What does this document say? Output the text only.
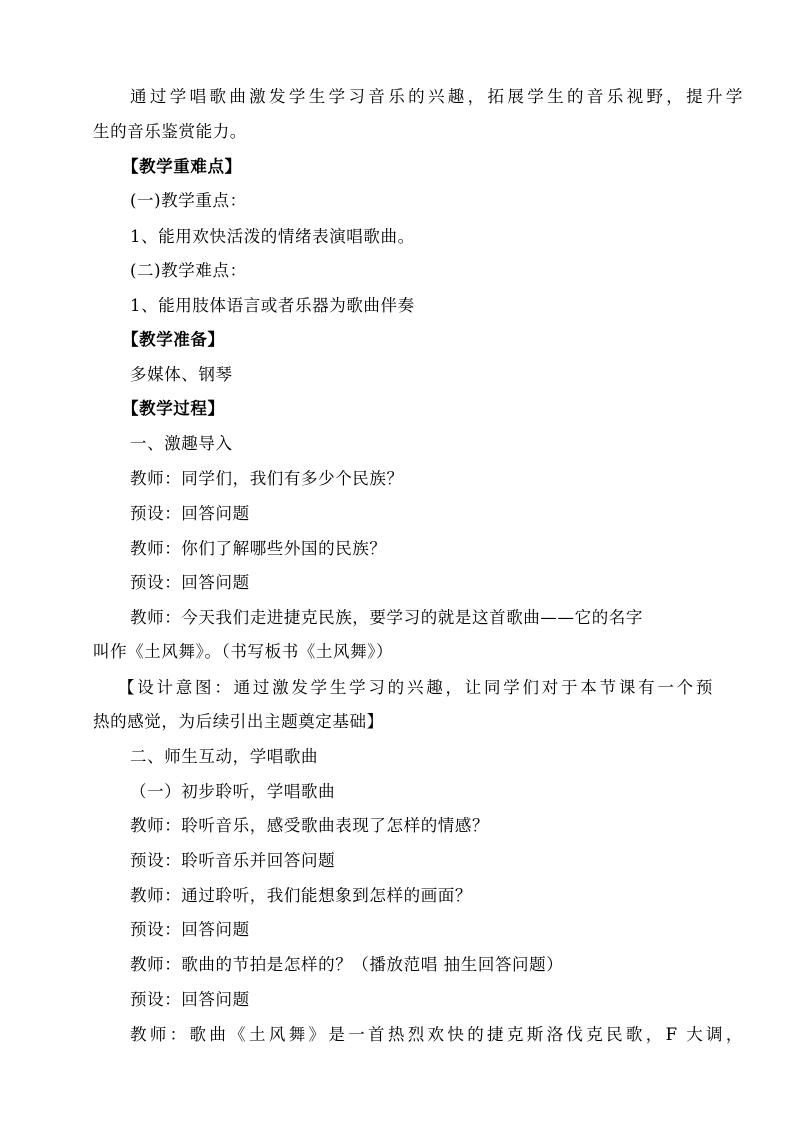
通过学唱歌曲激发学生学习音乐的兴趣，拓展学生的音乐视野，提升学
生的音乐鉴赏能力。
【教学重难点】
(一)教学重点：
1、能用欢快活泼的情绪表演唱歌曲。
(二)教学难点：
1、能用肢体语言或者乐器为歌曲伴奏
【教学准备】
多媒体、钢琴
【教学过程】
一、激趣导入
教师：同学们，我们有多少个民族？
预设：回答问题
教师：你们了解哪些外国的民族？
预设：回答问题
教师：今天我们走进捷克民族，要学习的就是这首歌曲——它的名字
叫作《土风舞》。（书写板书《土风舞》）
【设计意图：通过激发学生学习的兴趣，让同学们对于本节课有一个预
热的感觉，为后续引出主题奠定基础】
二、师生互动，学唱歌曲
（一）初步聆听，学唱歌曲
教师：聆听音乐，感受歌曲表现了怎样的情感？
预设：聆听音乐并回答问题
教师：通过聆听，我们能想象到怎样的画面？
预设：回答问题
教师：歌曲的节拍是怎样的？（播放范唱 抽生回答问题）
预设：回答问题
教师：歌曲《土风舞》是一首热烈欢快的捷克斯洛伐克民歌，F 大调，
